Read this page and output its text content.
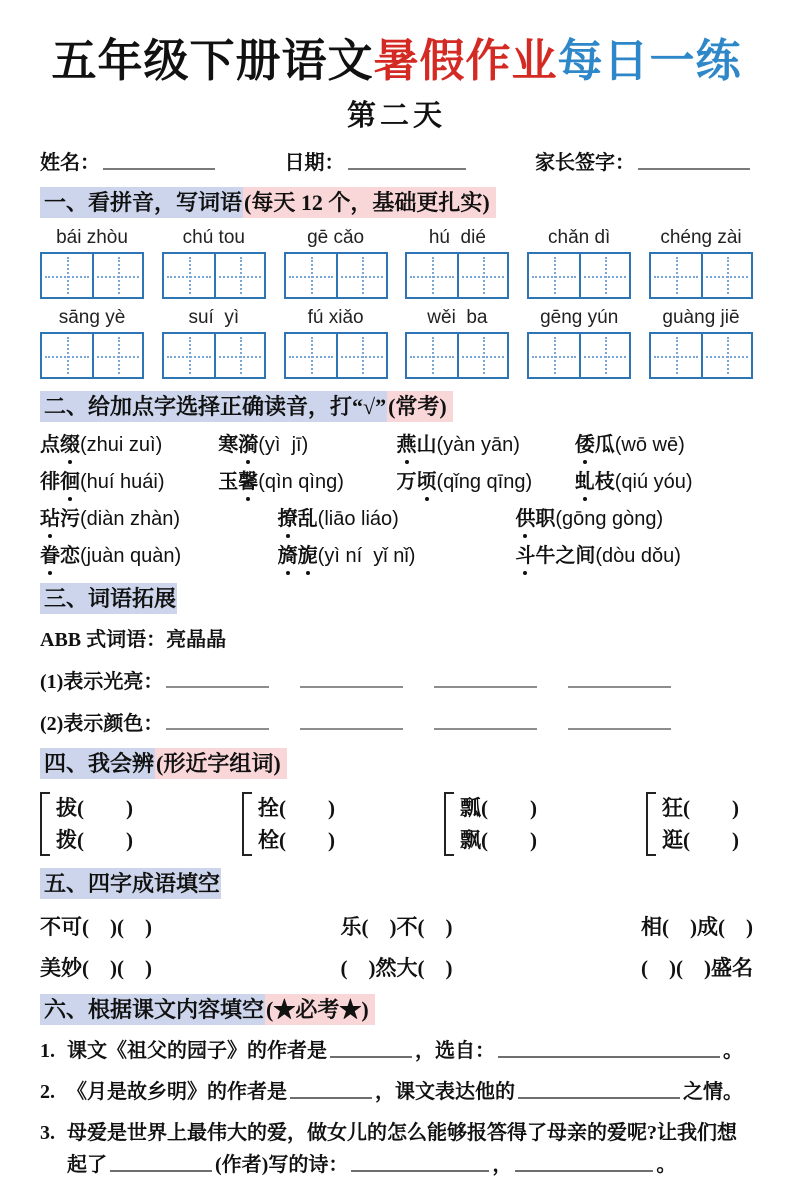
五年级下册语文暑假作业每日一练
第二天
姓名：	日期：	家长签字：
一、看拼音，写词语(每天 12 个，基础更扎实)
bái zhòu	chú tou	gē cǎo	hú  dié	chǎn dì	chéng zài
sāng yè	suí  yì	fú xiǎo	wěi  ba	gēng yún	guàng jiē
二、给加点字选择正确读音，打“√”(常考)
点缀(zhui zuì)	寒漪(yì  jī)	燕山(yàn yān)	倭瓜(wō wē)
徘徊(huí huái)	玉馨(qìn qìng)	万顷(qǐng qīng)	虬枝(qiú yóu)
玷污(diàn zhàn)	撩乱(liāo liáo)	供职(gōng gòng)
眷恋(juàn quàn)	旖旎(yì ní  yǐ nǐ)	斗牛之间(dòu dǒu)
三、词语拓展
ABB 式词语：亮晶晶
(1)表示光亮：
(2)表示颜色：
四、我会辨(形近字组词)
拔(　　)
拨(　　)
拴(　　)
栓(　　)
瓢(　　)
飘(　　)
狂(　　)
逛(　　)
五、四字成语填空
不可(　)(　)	乐(　)不(　)	相(　)成(　)
美妙(　)(　)	(　)然大(　)	(　)(　)盛名
六、根据课文内容填空(★必考★)
1. 课文《祖父的园子》的作者是	，选自：	。
2. 《月是故乡明》的作者是	，课文表达他的	之情。
3. 母爱是世界上最伟大的爱，做女儿的怎么能够报答得了母亲的爱呢?让我们想起了	(作者)写的诗：	，	。
